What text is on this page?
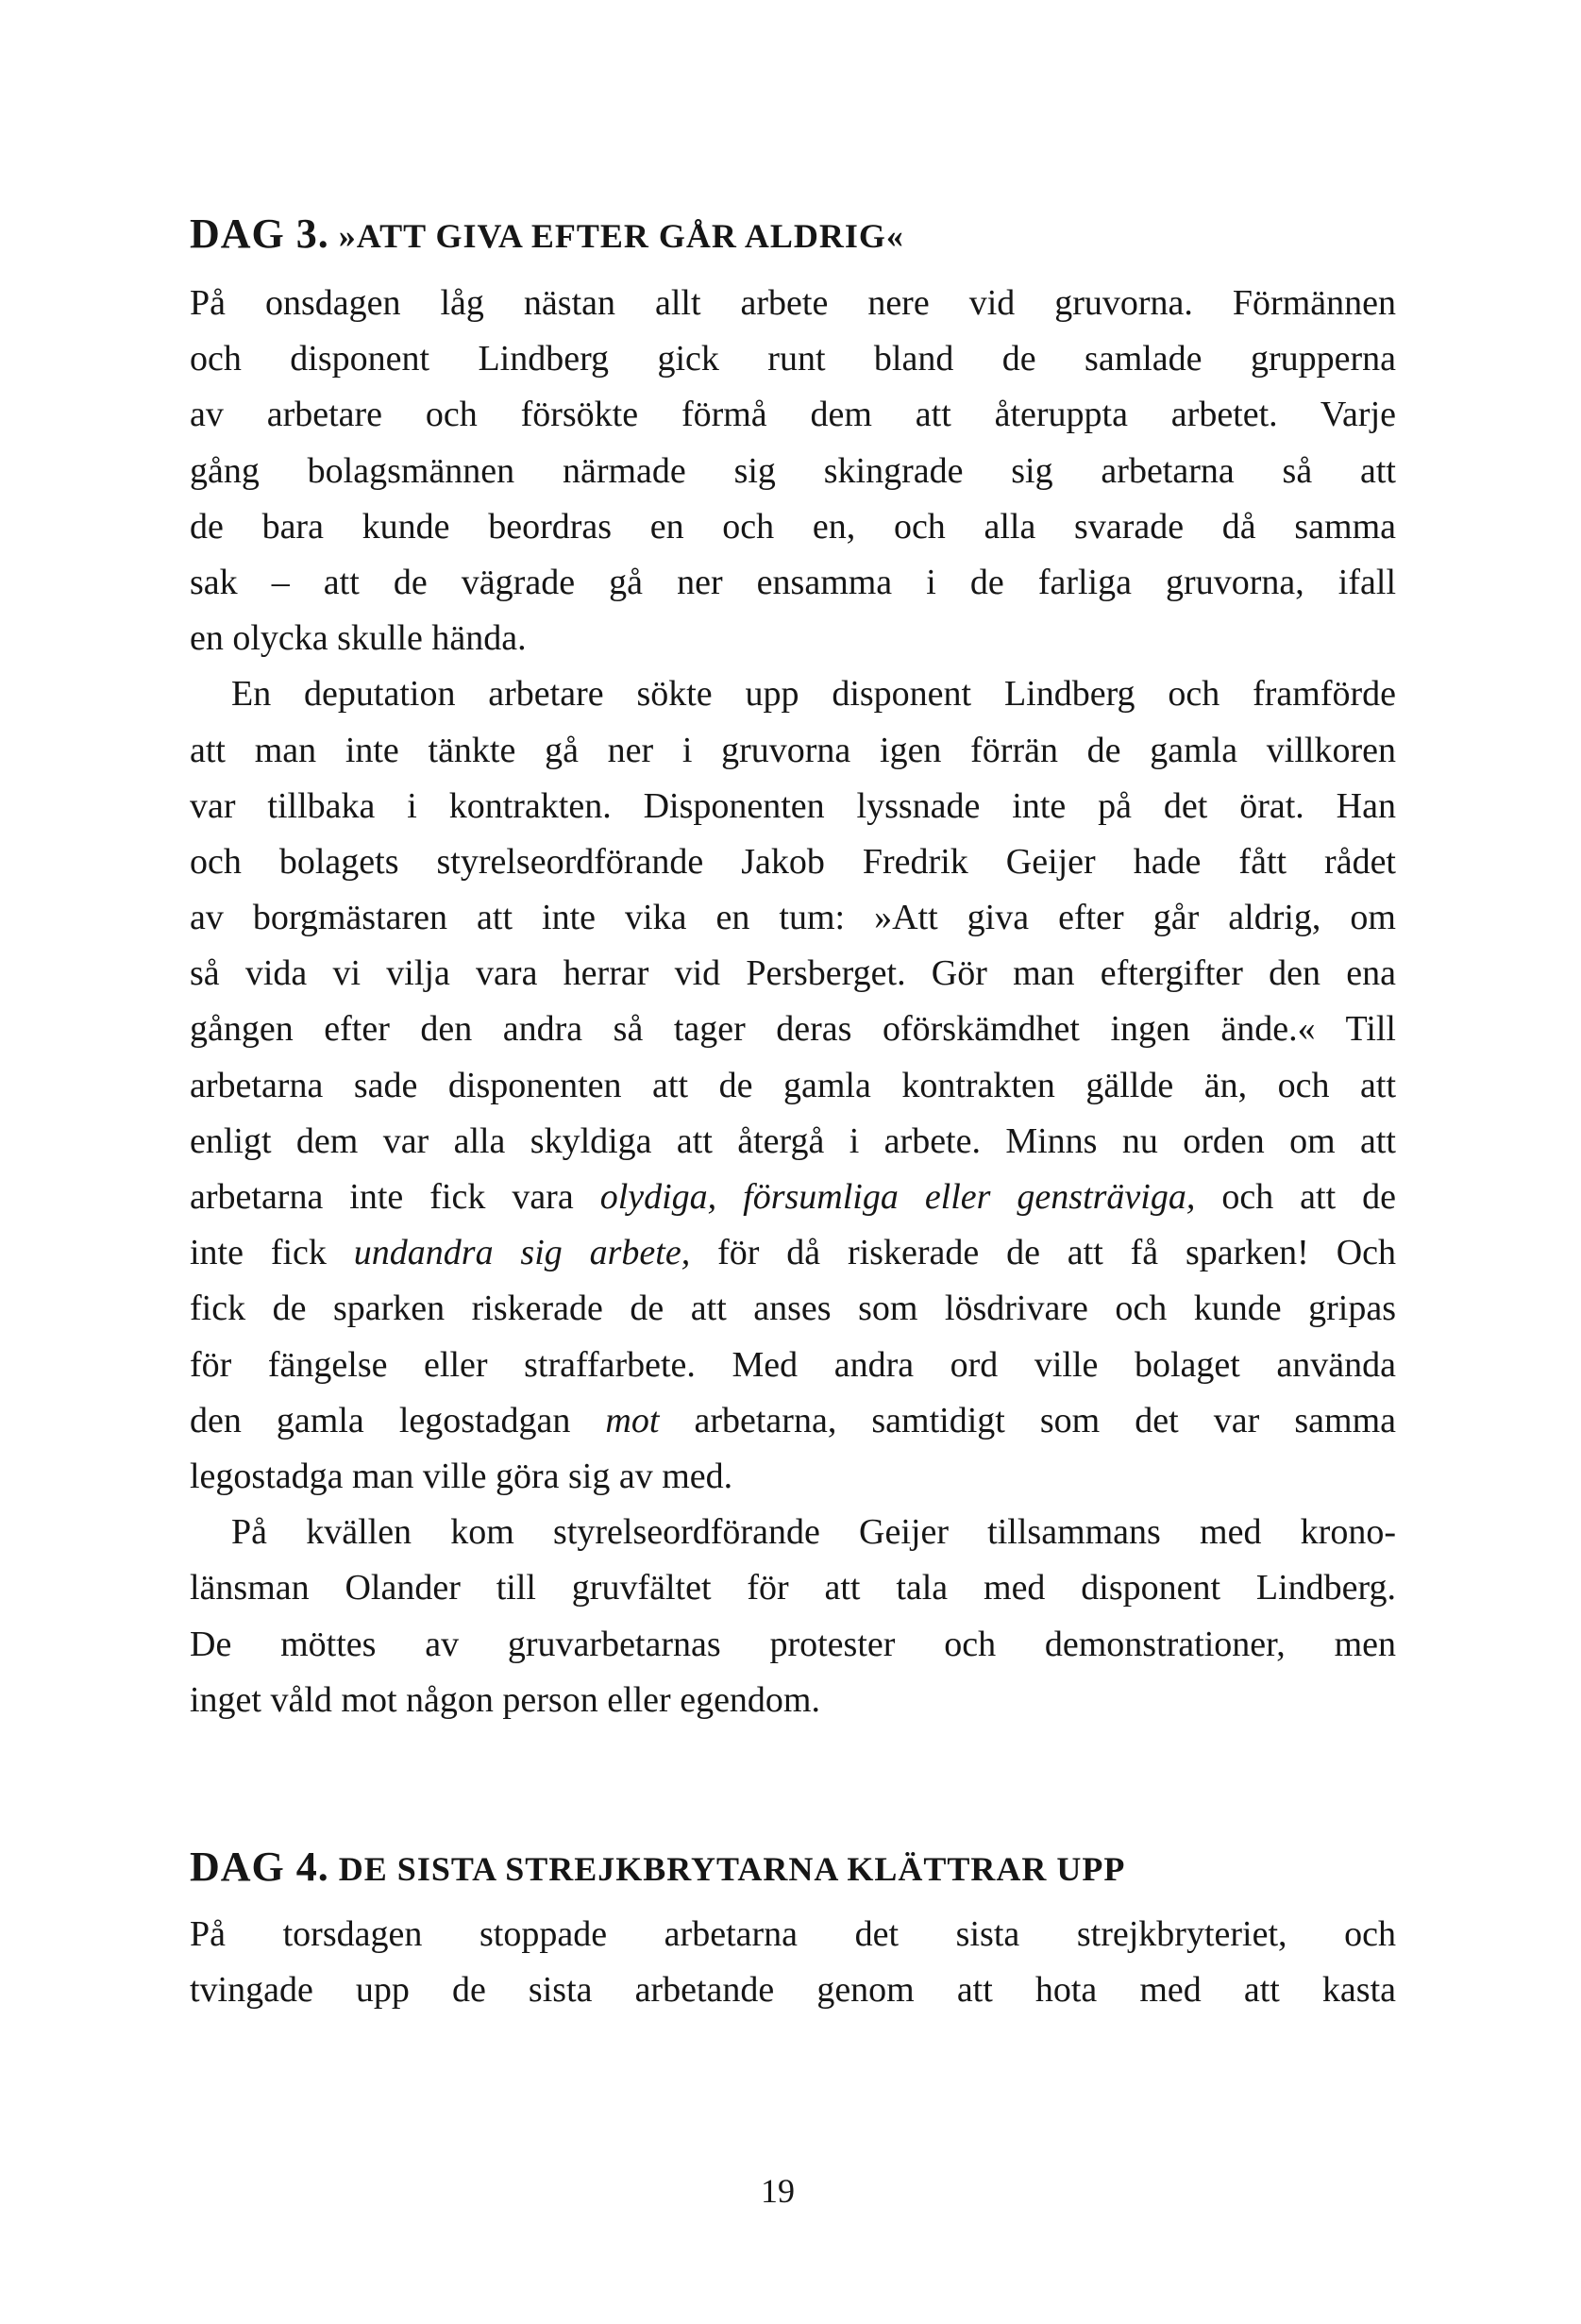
DAG 3. »ATT GIVA EFTER GÅR ALDRIG«
På onsdagen låg nästan allt arbete nere vid gruvorna. Förmännen
och disponent Lindberg gick runt bland de samlade grupperna
av arbetare och försökte förmå dem att återuppta arbetet. Varje
gång bolagsmännen närmade sig skingrade sig arbetarna så att
de bara kunde beordras en och en, och alla svarade då samma
sak – att de vägrade gå ner ensamma i de farliga gruvorna, ifall
en olycka skulle hända.
En deputation arbetare sökte upp disponent Lindberg och framförde
att man inte tänkte gå ner i gruvorna igen förrän de gamla villkoren
var tillbaka i kontrakten. Disponenten lyssnade inte på det örat. Han
och bolagets styrelseordförande Jakob Fredrik Geijer hade fått rådet
av borgmästaren att inte vika en tum: »Att giva efter går aldrig, om
så vida vi vilja vara herrar vid Persberget. Gör man eftergifter den ena
gången efter den andra så tager deras oförskämdhet ingen ände.« Till
arbetarna sade disponenten att de gamla kontrakten gällde än, och att
enligt dem var alla skyldiga att återgå i arbete. Minns nu orden om att
arbetarna inte fick vara olydiga, försumliga eller gensträviga, och att de
inte fick undandra sig arbete, för då riskerade de att få sparken! Och
fick de sparken riskerade de att anses som lösdrivare och kunde gripas
för fängelse eller straffarbete. Med andra ord ville bolaget använda
den gamla legostadgan mot arbetarna, samtidigt som det var samma
legostadga man ville göra sig av med.
På kvällen kom styrelseordförande Geijer tillsammans med krono-
länsman Olander till gruvfältet för att tala med disponent Lindberg.
De möttes av gruvarbetarnas protester och demonstrationer, men
inget våld mot någon person eller egendom.
DAG 4. DE SISTA STREJKBRYTARNA KLÄTTRAR UPP
På torsdagen stoppade arbetarna det sista strejkbryteriet, och
tvingade upp de sista arbetande genom att hota med att kasta
19
